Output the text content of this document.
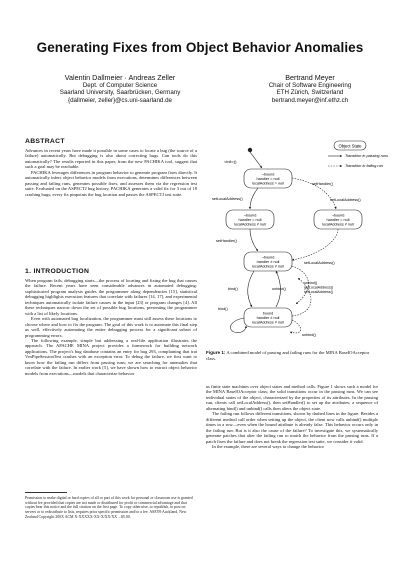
Generating Fixes from Object Behavior Anomalies
Valentin Dallmeier · Andreas Zeller
Dept. of Computer Science
Saarland University, Saarbrücken, Germany
{dallmeier, zeller}@cs.uni-saarland.de
Bertrand Meyer
Chair of Software Engineering
ETH Zürich, Switzerland
bertrand.meyer@inf.ethz.ch
ABSTRACT

Advances in recent years have made it possible in some cases to locate a bug (the source of a failure) automatically. But debugging is also about correcting bugs. Can tools do this automatically? The results reported in this paper, from the new PACHIKA tool, suggest that such a goal may be reachable.

PACHIKA leverages differences in program behavior to generate program fixes directly. It automatically infers object behavior models from executions, determines differences between passing and failing runs, generates possible fixes, and assesses them via the regression test suite. Evaluated on the ASPECTJ bug history, PACHIKA generates a valid fix for 3 out of 18 crashing bugs; every fix pinpoints the bug location and passes the ASPECTJ test suite.

1. INTRODUCTION

When program fails, debugging starts—the process of locating and fixing the bug that causes the failure. Recent years have seen considerable advances in automated debugging: sophisticated program analysis guides the programmer along dependencies [15], statistical debugging highlights execution features that correlate with failures [14, 17], and experimental techniques automatically isolate failure causes in the input [23] or program changes [4]. All these techniques narrow down the set of possible bug locations, presenting the programmer with a list of likely locations.

Even with automated bug localization, the programmer must still assess these locations to choose where and how to fix the program. The goal of this work is to automate this final step as well, effectively automating the entire debugging process for a significant subset of programming errors.

The following example, simple but addressing a real-life application illustrates the approach. The APACHE MINA project provides a framework for building network applications. The project's bug database contains an entry for bug 293, complaining that trat VmPipeSessionTest crashes with an exception error. To debug the failure, we first want to know how the failing run differs from passing runs; we are searching for anomalies that correlate with the failure. In earlier work [5], we have shown how to extract object behavior models from executions—models that characterize behavior

Permission to make digital or hard copies of all or part of this work for personal or classroom use is granted without fee provided that copies are not made or distributed for profit or commercial advantage and that copies bear this notice and the full citation on the first page. To copy otherwise, to republish, to post on servers or to redistribute to lists, requires prior specific permission and/or a fee. ASE'09 Auckland, New Zealand Copyright 200X ACM X-XXXXX-XX-X/XX/XX ...$5.00.
Object State
Transition in passing runs
Transition in failing run
<init>()
¬bound
handler = null
localAddress = null
¬bound
handler = null
localAddress ≠ null
¬bound
handler = null
localAddress ≠ null
¬bound
handler ≠ null
localAddress ≠ null
bound
handler ≠ null
localAddress ≠ null
setHandler()
setLocalAddress()	setLocalAddress()
setHandler()
setLocalAddress()
bind()	unbind()
unbind()
getLocalAddress()
setLocalAddress()
bind()
unbind()
Figure 1: A combined model of passing and failing runs for the MINA BaseIOAcceptor class.

as finite state machines over object states and method calls. Figure 1 shows such a model for the MINA BaseIOAcceptor class; the solid transitions occur in the passing runs. We can see individual states of the object, characterized by the properties of its attributes. In the passing run, clients call setLocalAddress(), then setHandler() to set up the attributes; a sequence of alternating bind() and unbind() calls then alters the object state.

The failing run follows different transitions, shown by dashed lines in the figure. Besides a different method call order when setting up the object, the client now calls unbind() multiple times in a row—even when the bound attribute is already false. This behavior occurs only in the failing run. But is it also the cause of the failure? To investigate this, we systematically generate patches that alter the failing run to match the behavior from the passing runs. If a patch fixes the failure and does not break the regression test suite, we consider it valid.

In the example, there are several ways to change the behavior
